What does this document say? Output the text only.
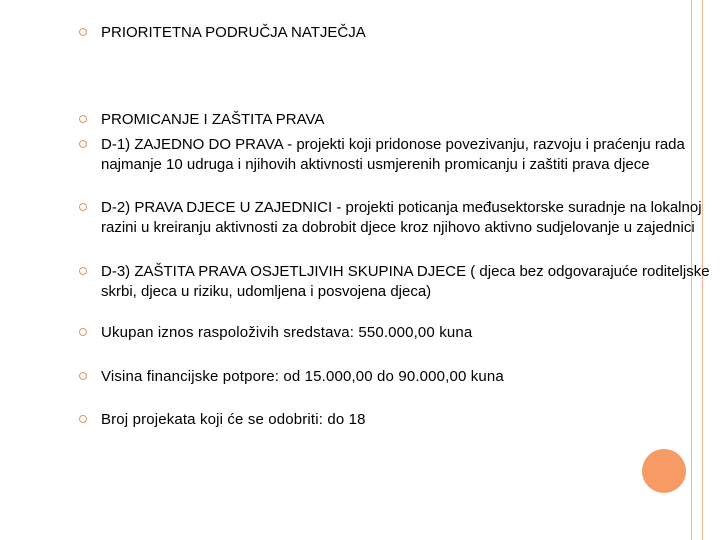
PRIORITETNA PODRUČJA NATJEČJA
PROMICANJE I ZAŠTITA PRAVA
D-1) ZAJEDNO DO PRAVA - projekti koji pridonose povezivanju, razvoju i praćenju rada najmanje 10 udruga i njihovih aktivnosti usmjerenih promicanju i zaštiti prava djece
D-2) PRAVA DJECE U ZAJEDNICI - projekti poticanja međusektorske suradnje na lokalnoj razini u kreiranju aktivnosti za dobrobit djece kroz njihovo aktivno sudjelovanje u zajednici
D-3) ZAŠTITA PRAVA OSJETLJIVIH SKUPINA DJECE ( djeca bez odgovarajuće roditeljske skrbi, djeca u riziku, udomljena i posvojena djeca)
Ukupan iznos raspoloživih sredstava: 550.000,00 kuna
Visina financijske potpore: od 15.000,00 do 90.000,00 kuna
Broj projekata koji će se odobriti: do 18
